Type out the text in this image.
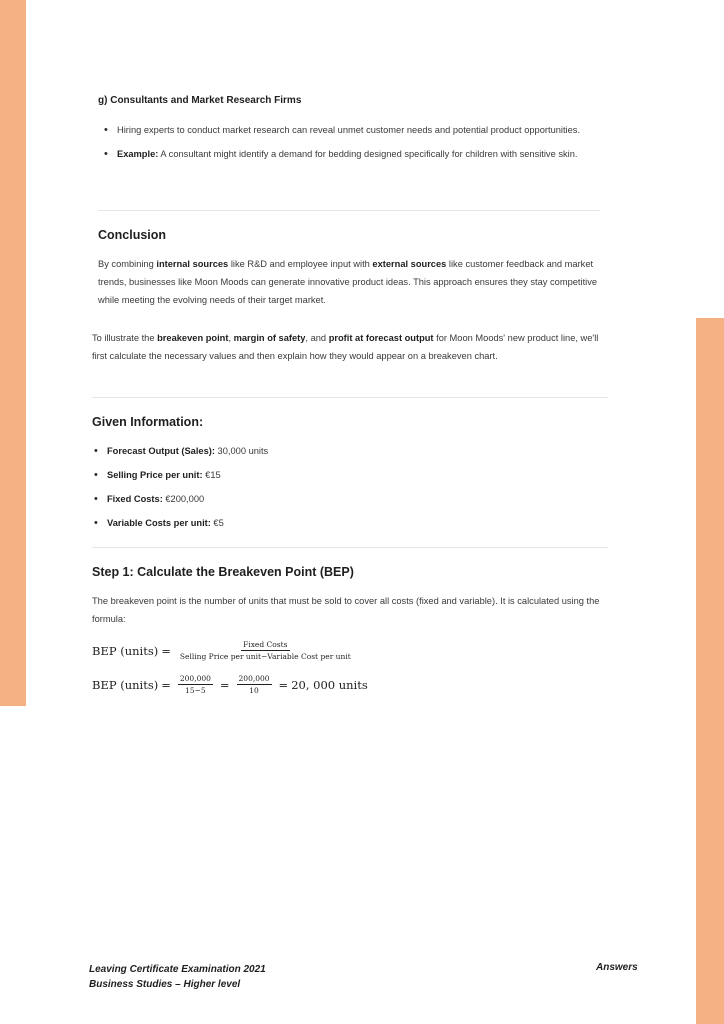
g) Consultants and Market Research Firms
• Hiring experts to conduct market research can reveal unmet customer needs and potential product opportunities.
• Example: A consultant might identify a demand for bedding designed specifically for children with sensitive skin.
Conclusion

By combining internal sources like R&D and employee input with external sources like customer feedback and market trends, businesses like Moon Moods can generate innovative product ideas. This approach ensures they stay competitive while meeting the evolving needs of their target market.

To illustrate the breakeven point, margin of safety, and profit at forecast output for Moon Moods' new product line, we'll first calculate the necessary values and then explain how they would appear on a breakeven chart.

Given Information:
• Forecast Output (Sales): 30,000 units
• Selling Price per unit: €15
• Fixed Costs: €200,000
• Variable Costs per unit: €5
Step 1: Calculate the Breakeven Point (BEP)

The breakeven point is the number of units that must be sold to cover all costs (fixed and variable). It is calculated using the formula:

BEP (units) = $\frac{\text{Fixed Costs}}{\text{Selling Price per unit−Variable Cost per unit}}$
BEP (units) = $\frac{200,000}{15-5} = \frac{200,000}{10} = 20$, 000 units
Leaving Certificate Examination 2021
Business Studies – Higher level
Answers
